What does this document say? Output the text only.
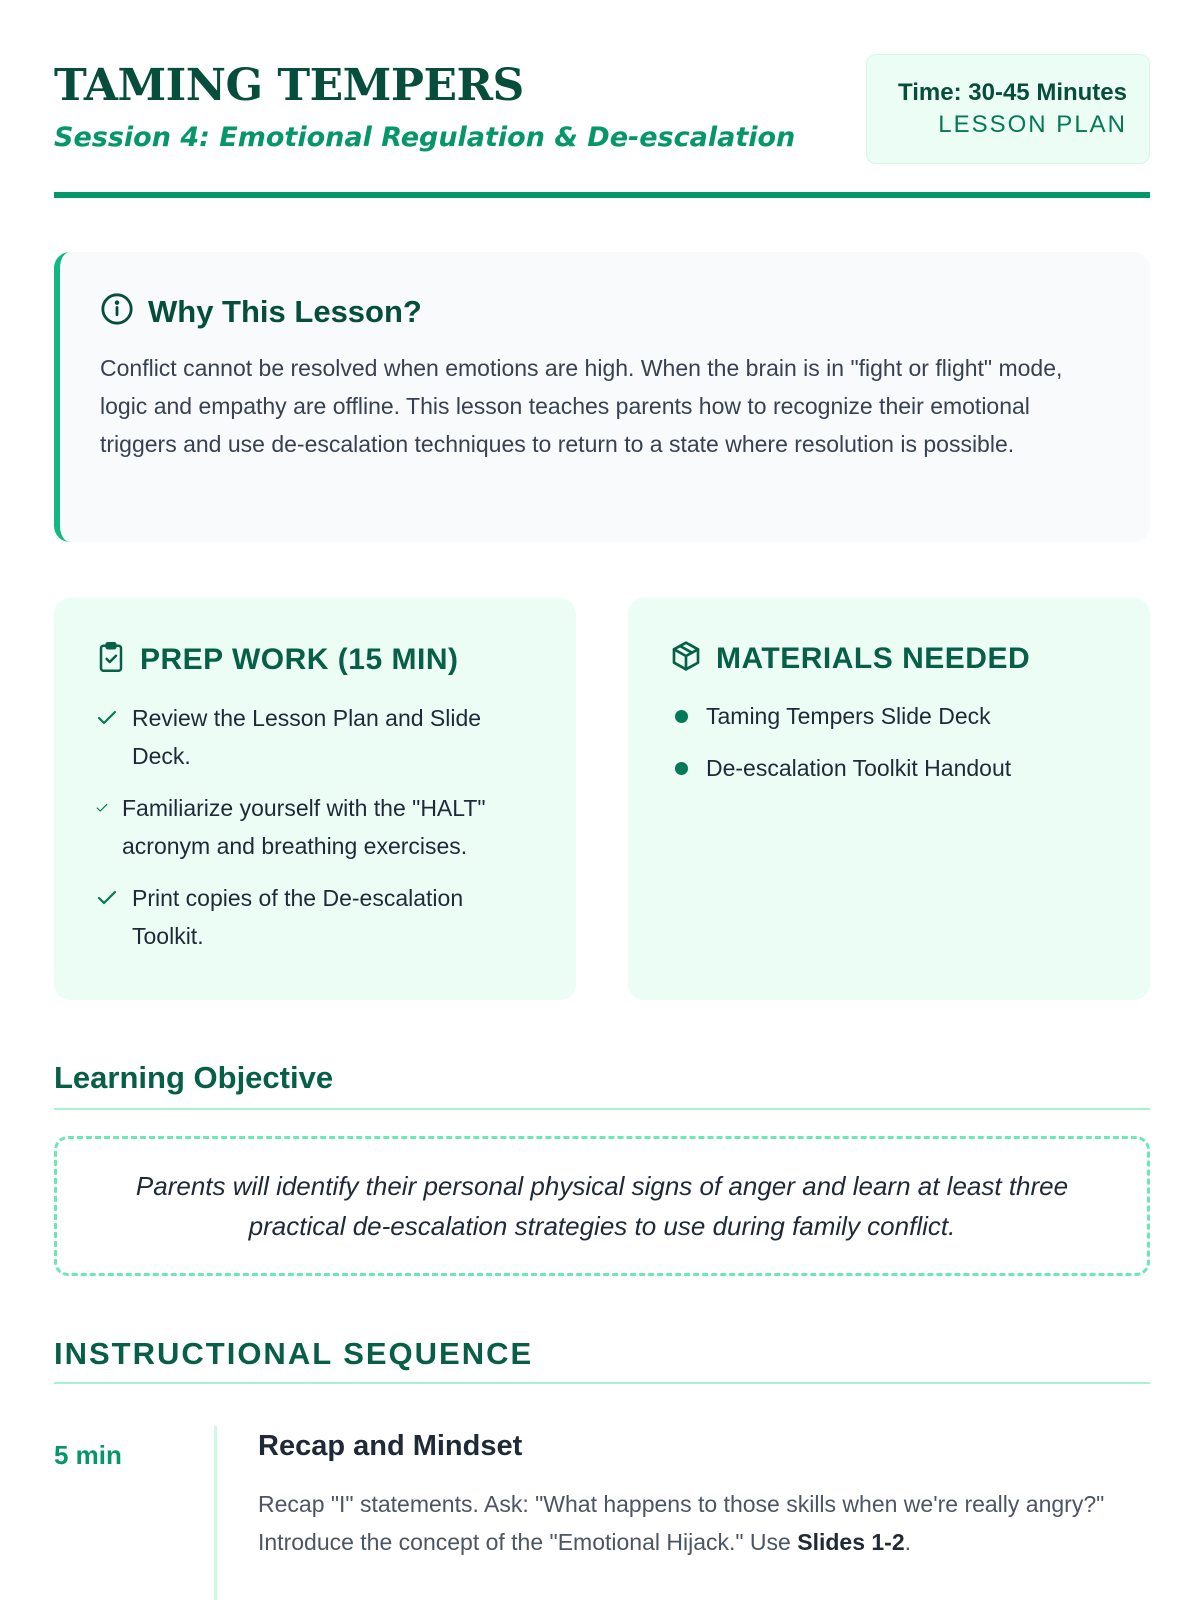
TAMING TEMPERS
Session 4: Emotional Regulation & De-escalation
Time: 30-45 Minutes
LESSON PLAN
Why This Lesson?

Conflict cannot be resolved when emotions are high. When the brain is in "fight or flight" mode, logic and empathy are offline. This lesson teaches parents how to recognize their emotional triggers and use de-escalation techniques to return to a state where resolution is possible.

PREP WORK (15 MIN)
Review the Lesson Plan and Slide Deck.
Familiarize yourself with the "HALT" acronym and breathing exercises.
Print copies of the De-escalation Toolkit.
MATERIALS NEEDED
Taming Tempers Slide Deck
De-escalation Toolkit Handout
Learning Objective

Parents will identify their personal physical signs of anger and learn at least three practical de-escalation strategies to use during family conflict.

INSTRUCTIONAL SEQUENCE
5 min	Recap and Mindset

Recap "I" statements. Ask: "What happens to those skills when we're really angry?" Introduce the concept of the "Emotional Hijack." Use Slides 1-2.
